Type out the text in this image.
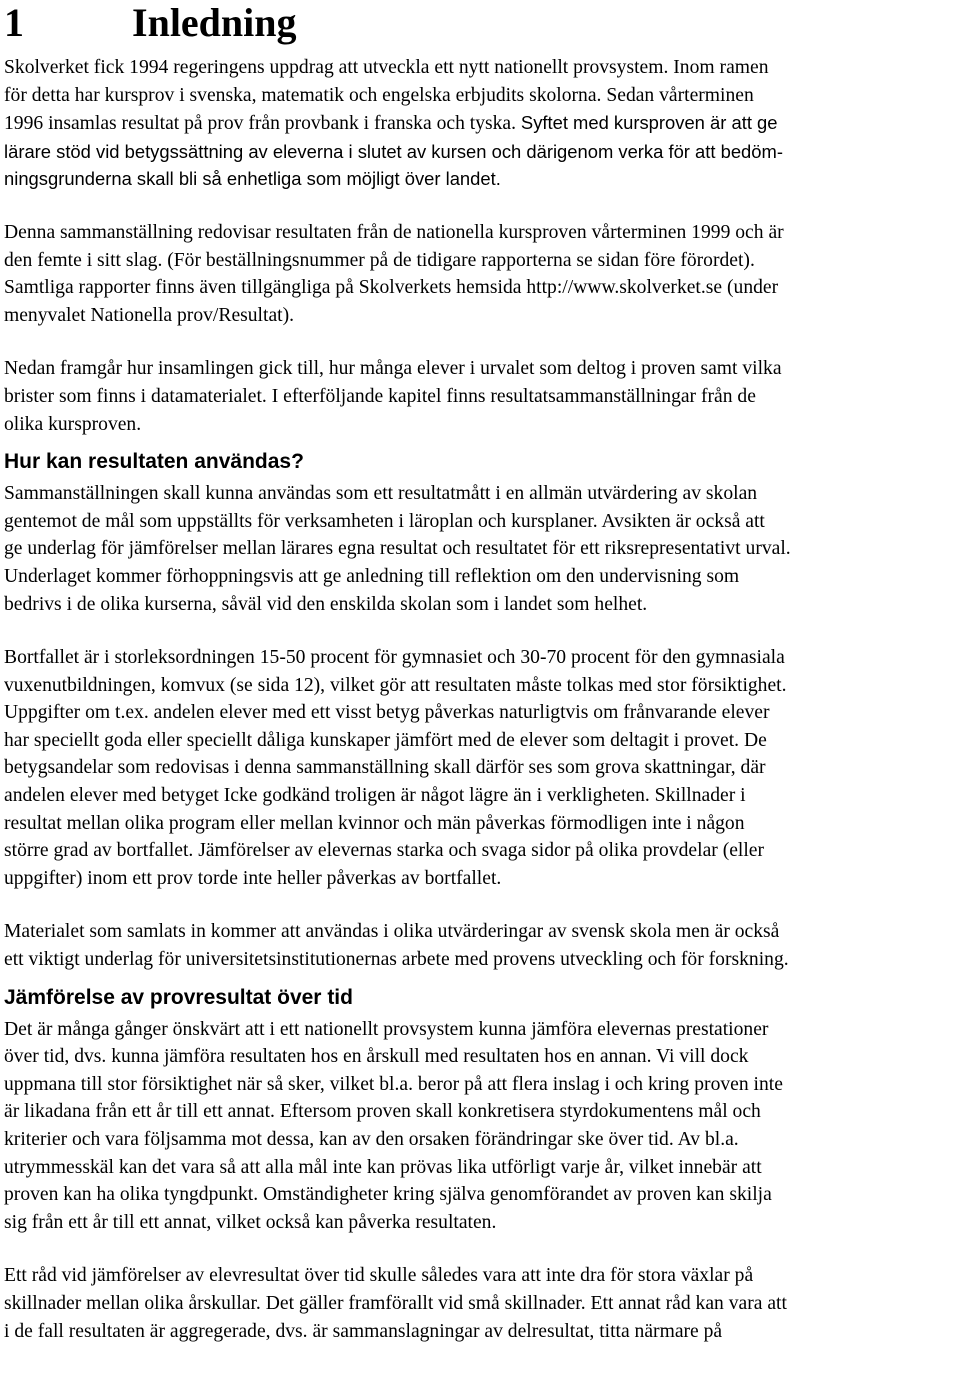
1	Inledning

Skolverket fick 1994 regeringens uppdrag att utveckla ett nytt nationellt provsystem. Inom ramen
för detta har kursprov i svenska, matematik och engelska erbjudits skolorna. Sedan vårterminen
1996 insamlas resultat på prov från provbank i franska och tyska. Syftet med kursproven är att ge
lärare stöd vid betygssättning av eleverna i slutet av kursen och därigenom verka för att bedöm-
ningsgrunderna skall bli så enhetliga som möjligt över landet.

Denna sammanställning redovisar resultaten från de nationella kursproven vårterminen 1999 och är
den femte i sitt slag. (För beställningsnummer på de tidigare rapporterna se sidan före förordet).
Samtliga rapporter finns även tillgängliga på Skolverkets hemsida http://www.skolverket.se (under
menyvalet Nationella prov/Resultat).

Nedan framgår hur insamlingen gick till, hur många elever i urvalet som deltog i proven samt vilka
brister som finns i datamaterialet. I efterföljande kapitel finns resultatsammanställningar från de
olika kursproven.

Hur kan resultaten användas?

Sammanställningen skall kunna användas som ett resultatmått i en allmän utvärdering av skolan
gentemot de mål som uppställts för verksamheten i läroplan och kursplaner. Avsikten är också att
ge underlag för jämförelser mellan lärares egna resultat och resultatet för ett riksrepresentativt urval.
Underlaget kommer förhoppningsvis att ge anledning till reflektion om den undervisning som
bedrivs i de olika kurserna, såväl vid den enskilda skolan som i landet som helhet.

Bortfallet är i storleksordningen 15-50 procent för gymnasiet och 30-70 procent för den gymnasiala
vuxenutbildningen, komvux (se sida 12), vilket gör att resultaten måste tolkas med stor försiktighet.
Uppgifter om t.ex. andelen elever med ett visst betyg påverkas naturligtvis om frånvarande elever
har speciellt goda eller speciellt dåliga kunskaper jämfört med de elever som deltagit i provet. De
betygsandelar som redovisas i denna sammanställning skall därför ses som grova skattningar, där
andelen elever med betyget Icke godkänd troligen är något lägre än i verkligheten. Skillnader i
resultat mellan olika program eller mellan kvinnor och män påverkas förmodligen inte i någon
större grad av bortfallet. Jämförelser av elevernas starka och svaga sidor på olika provdelar (eller
uppgifter) inom ett prov torde inte heller påverkas av bortfallet.

Materialet som samlats in kommer att användas i olika utvärderingar av svensk skola men är också
ett viktigt underlag för universitetsinstitutionernas arbete med provens utveckling och för forskning.

Jämförelse av provresultat över tid

Det är många gånger önskvärt att i ett nationellt provsystem kunna jämföra elevernas prestationer
över tid, dvs. kunna jämföra resultaten hos en årskull med resultaten hos en annan. Vi vill dock
uppmana till stor försiktighet när så sker, vilket bl.a. beror på att flera inslag i och kring proven inte
är likadana från ett år till ett annat. Eftersom proven skall konkretisera styrdokumentens mål och
kriterier och vara följsamma mot dessa, kan av den orsaken förändringar ske över tid. Av bl.a.
utrymmesskäl kan det vara så att alla mål inte kan prövas lika utförligt varje år, vilket innebär att
proven kan ha olika tyngdpunkt. Omständigheter kring själva genomförandet av proven kan skilja
sig från ett år till ett annat, vilket också kan påverka resultaten.

Ett råd vid jämförelser av elevresultat över tid skulle således vara att inte dra för stora växlar på
skillnader mellan olika årskullar. Det gäller framförallt vid små skillnader. Ett annat råd kan vara att
i de fall resultaten är aggregerade, dvs. är sammanslagningar av delresultat, titta närmare på
